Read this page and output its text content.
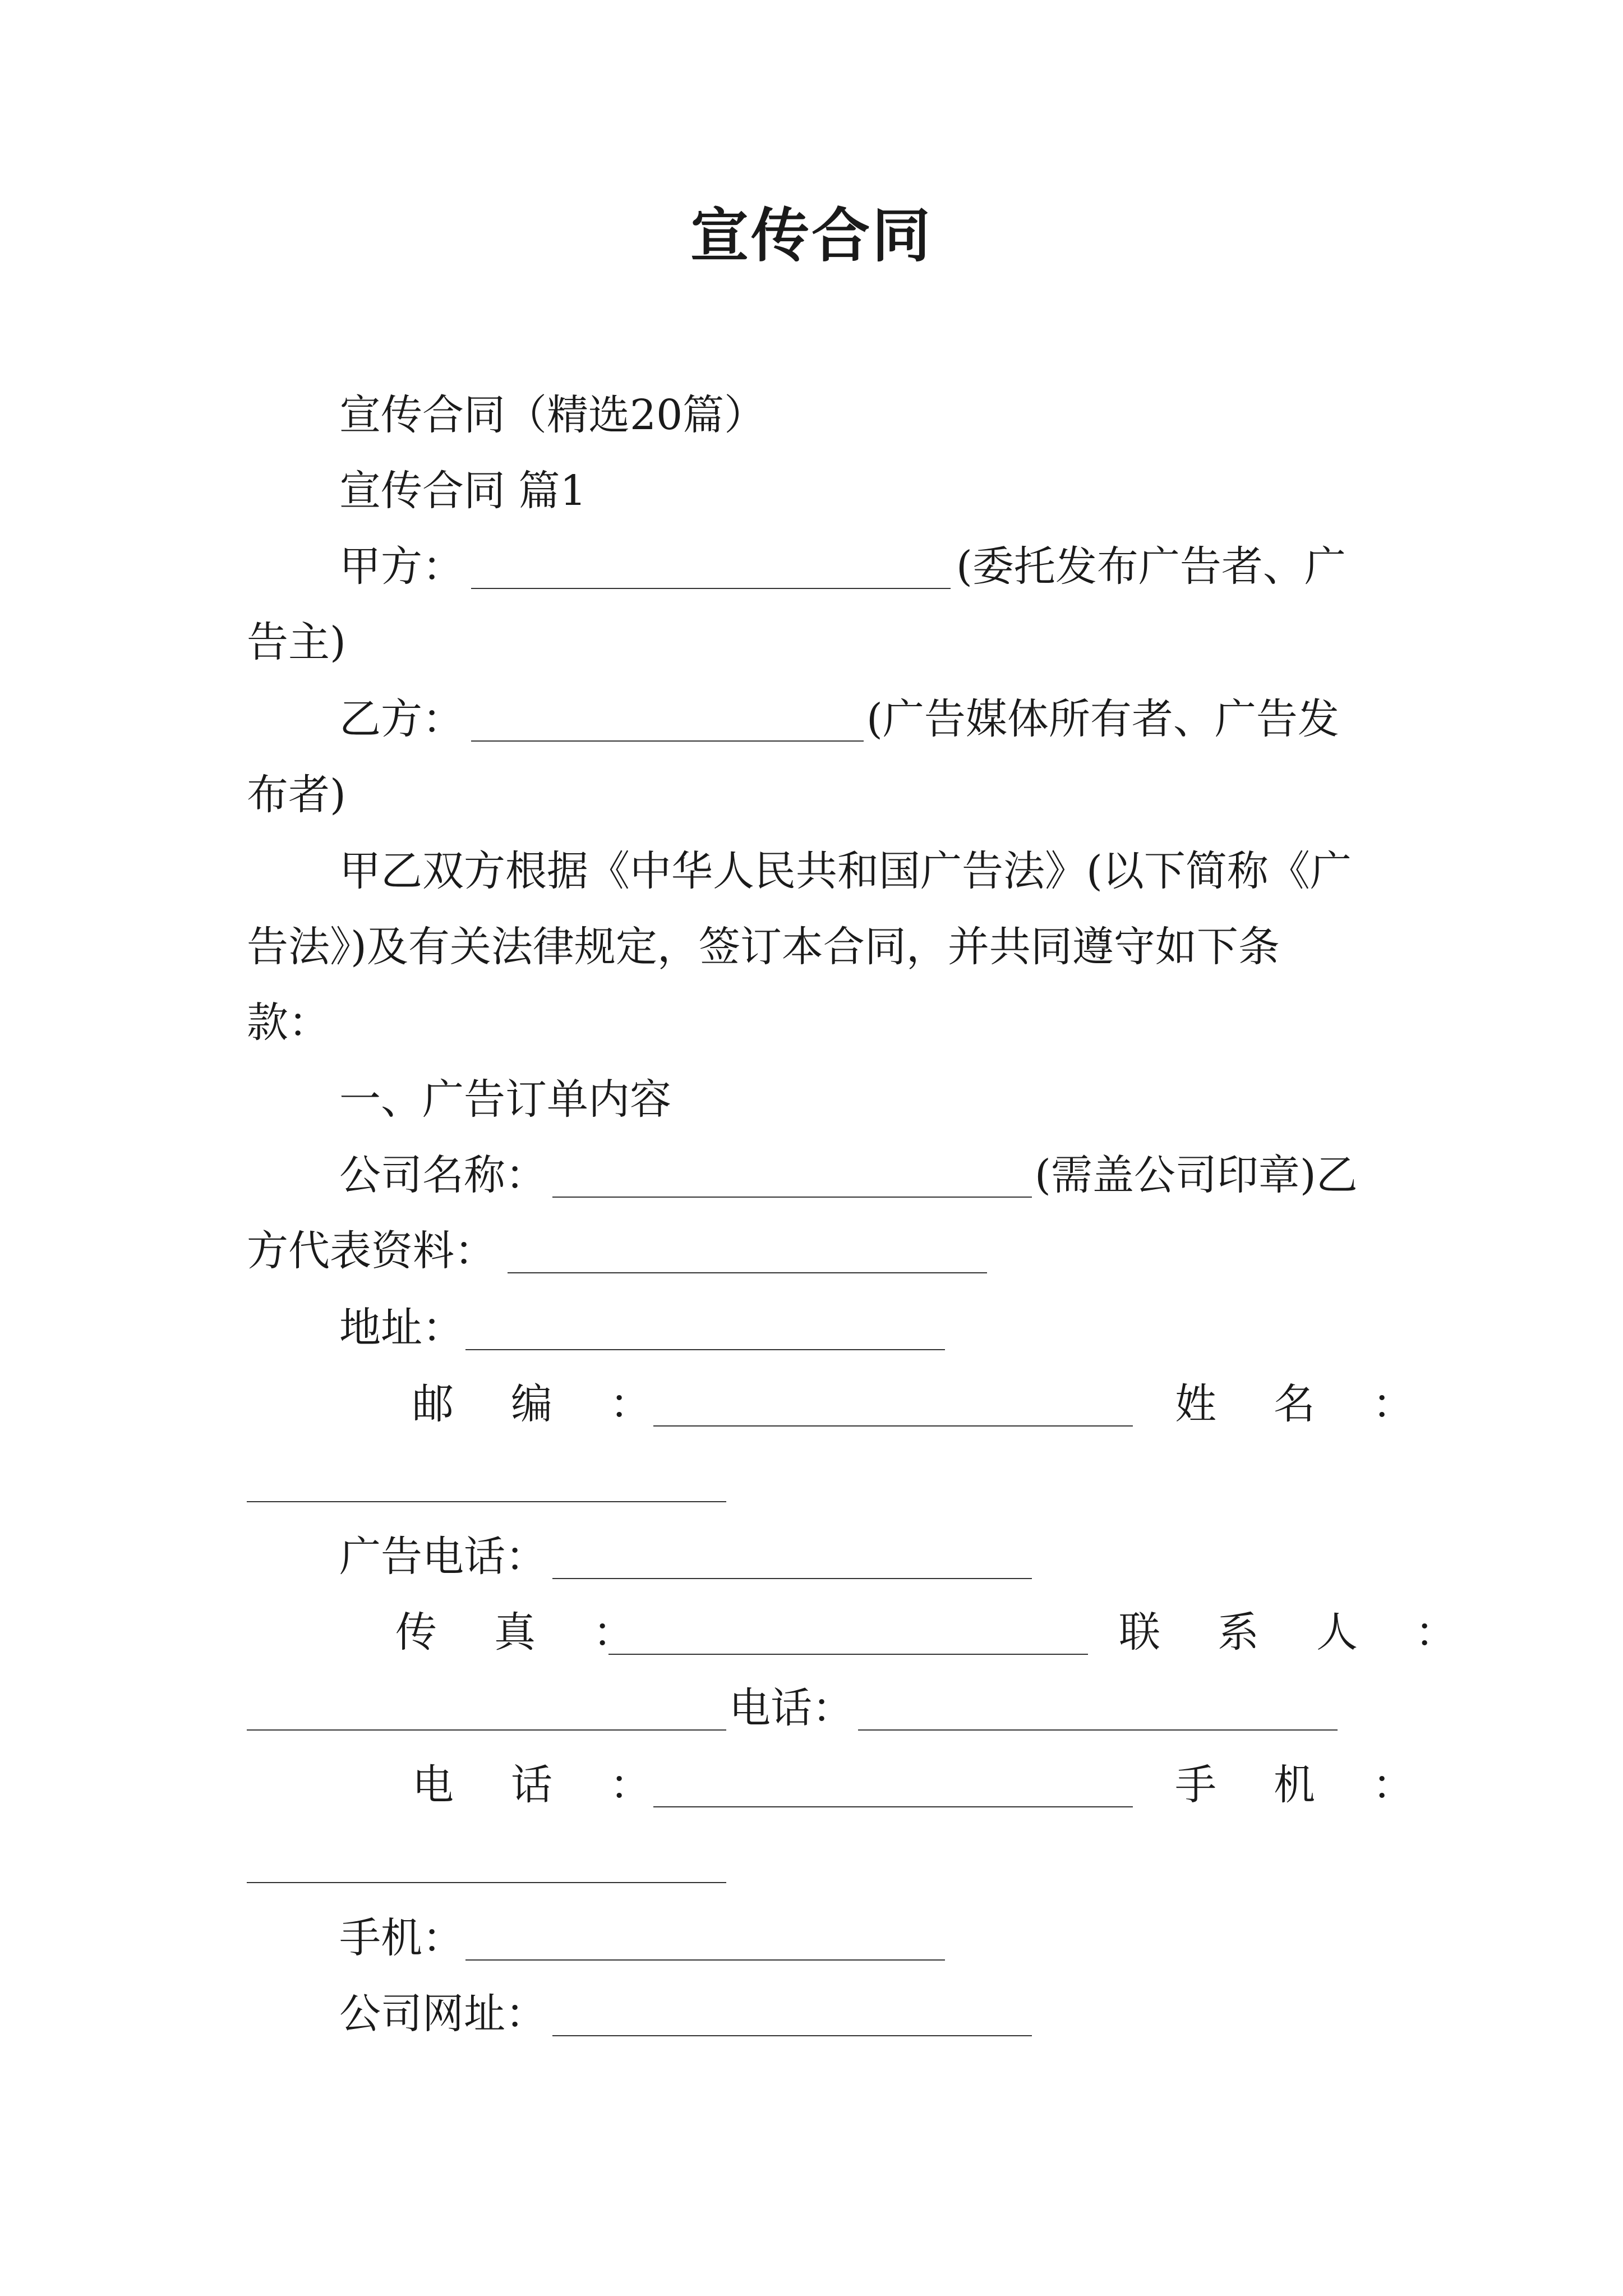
宣传合同
宣传合同（精选20篇）
宣传合同 篇1
甲方：	(委托发布广告者、广
告主)
乙方：	(广告媒体所有者、广告发
布者)
甲乙双方根据《中华人民共和国广告法》(以下简称《广
告法》)及有关法律规定，签订本合同，并共同遵守如下条
款：
一、广告订单内容
公司名称：	(需盖公司印章)乙
方代表资料：
地址：
邮　编　：	姓　名　：
广告电话：
传　真　：	联　系　人　：
电话：
电　话　：	手　机　：
手机：
公司网址：
